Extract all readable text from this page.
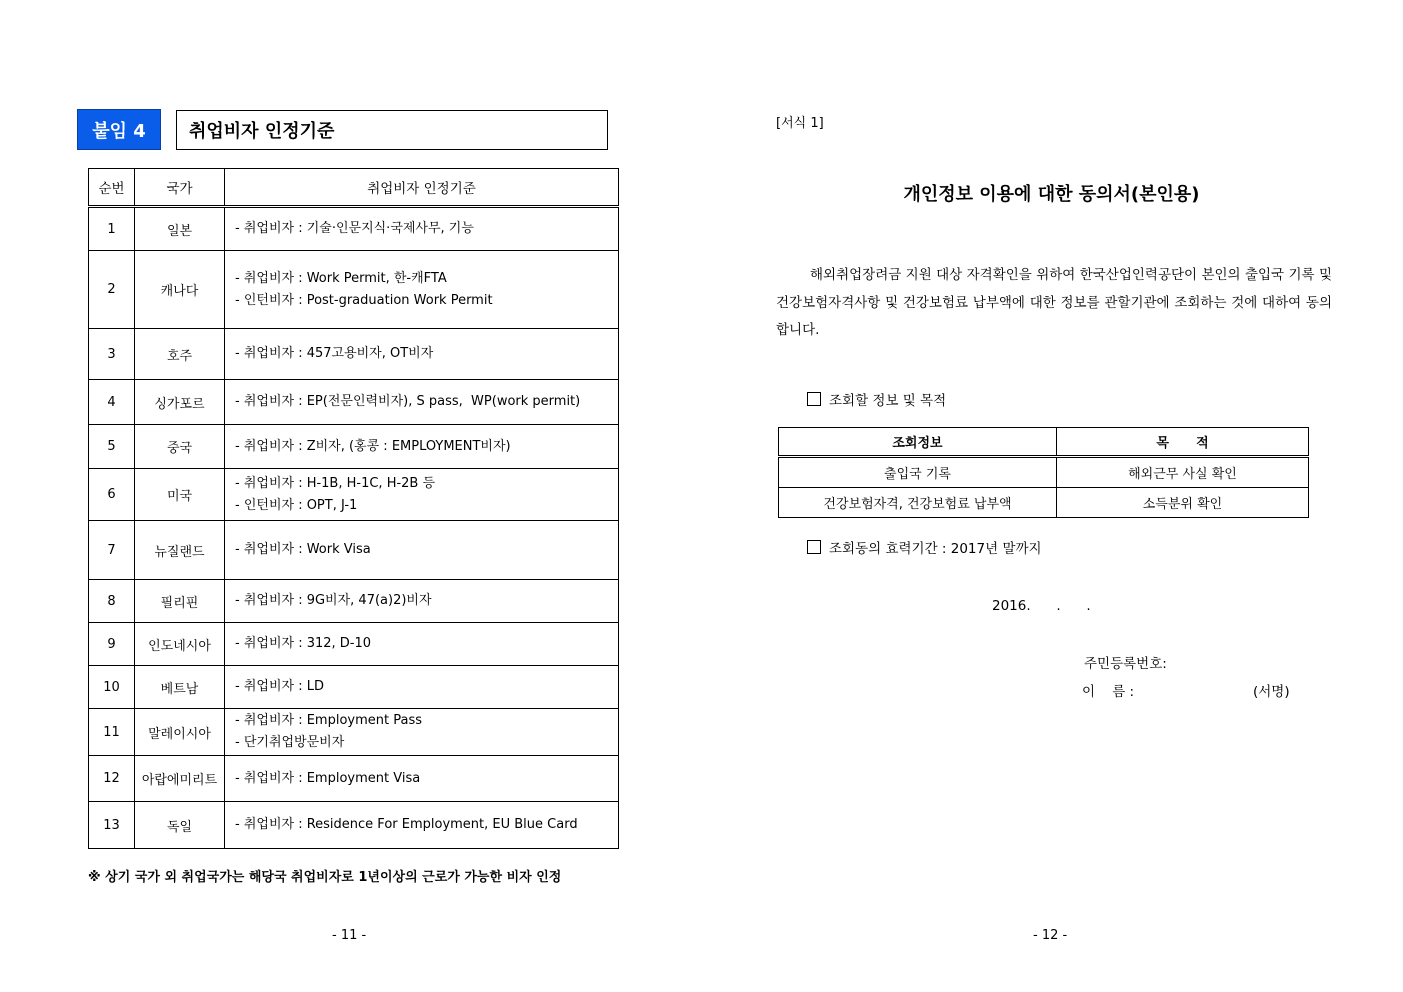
붙임 4	취업비자 인정기준
순번	국가	취업비자 인정기준
1	일본	- 취업비자 : 기술·인문지식·국제사무, 기능

2	캐나다	- 취업비자 : Work Permit, 한-캐FTA
- 인턴비자 : Post-graduation Work Permit

3	호주	- 취업비자 : 457고용비자, OT비자

4	싱가포르	- 취업비자 : EP(전문인력비자), S pass,  WP(work permit)

5	중국	- 취업비자 : Z비자, (홍콩 : EMPLOYMENT비자)

6	미국	- 취업비자 : H-1B, H-1C, H-2B 등
- 인턴비자 : OPT, J-1

7	뉴질랜드	- 취업비자 : Work Visa

8	필리핀	- 취업비자 : 9G비자, 47(a)2)비자

9	인도네시아	- 취업비자 : 312, D-10

10	베트남	- 취업비자 : LD

11	말레이시아	- 취업비자 : Employment Pass
- 단기취업방문비자

12	아랍에미리트	- 취업비자 : Employment Visa

13	독일	- 취업비자 : Residence For Employment, EU Blue Card
※ 상기 국가 외 취업국가는 해당국 취업비자로 1년이상의 근로가 가능한 비자 인정
- 11 -
[서식 1]
개인정보 이용에 대한 동의서(본인용)
해외취업장려금 지원 대상 자격확인을 위하여 한국산업인력공단이 본인의 출입국 기록 및 건강보험자격사항 및 건강보험료 납부액에 대한 정보를 관할기관에 조회하는 것에 대하여 동의합니다.
조회할 정보 및 목적
조회정보	목      적
출입국 기록	해외근무 사실 확인
건강보험자격, 건강보험료 납부액	소득분위 확인
조회동의 효력기간 : 2017년 말까지
2016.      .      .
주민등록번호:
이    름 :	(서명)
- 12 -
